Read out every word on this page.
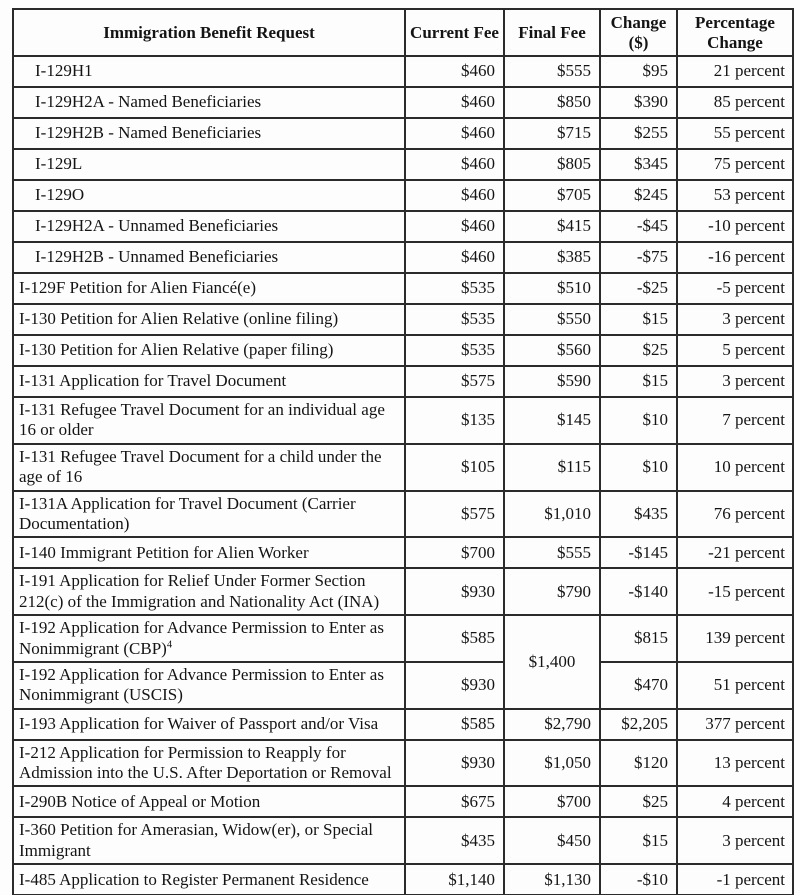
Immigration Benefit Request	Current Fee	Final Fee	Change ($)	Percentage Change
I-129H1	$460	$555	$95	21 percent
I-129H2A - Named Beneficiaries	$460	$850	$390	85 percent
I-129H2B - Named Beneficiaries	$460	$715	$255	55 percent
I-129L	$460	$805	$345	75 percent
I-129O	$460	$705	$245	53 percent
I-129H2A - Unnamed Beneficiaries	$460	$415	-$45	-10 percent
I-129H2B - Unnamed Beneficiaries	$460	$385	-$75	-16 percent
I-129F Petition for Alien Fiancé(e)	$535	$510	-$25	-5 percent
I-130 Petition for Alien Relative (online filing)	$535	$550	$15	3 percent
I-130 Petition for Alien Relative (paper filing)	$535	$560	$25	5 percent
I-131 Application for Travel Document	$575	$590	$15	3 percent
I-131 Refugee Travel Document for an individual age 16 or older	$135	$145	$10	7 percent
I-131 Refugee Travel Document for a child under the age of 16	$105	$115	$10	10 percent
I-131A Application for Travel Document (Carrier Documentation)	$575	$1,010	$435	76 percent
I-140 Immigrant Petition for Alien Worker	$700	$555	-$145	-21 percent
I-191 Application for Relief Under Former Section 212(c) of the Immigration and Nationality Act (INA)	$930	$790	-$140	-15 percent
I-192 Application for Advance Permission to Enter as Nonimmigrant (CBP)$^4$	$585	$1,400	$815	139 percent
I-192 Application for Advance Permission to Enter as Nonimmigrant (USCIS)	$930		$470	51 percent
I-193 Application for Waiver of Passport and/or Visa	$585	$2,790	$2,205	377 percent
I-212 Application for Permission to Reapply for Admission into the U.S. After Deportation or Removal	$930	$1,050	$120	13 percent
I-290B Notice of Appeal or Motion	$675	$700	$25	4 percent
I-360 Petition for Amerasian, Widow(er), or Special Immigrant	$435	$450	$15	3 percent
I-485 Application to Register Permanent Residence	$1,140	$1,130	-$10	-1 percent
